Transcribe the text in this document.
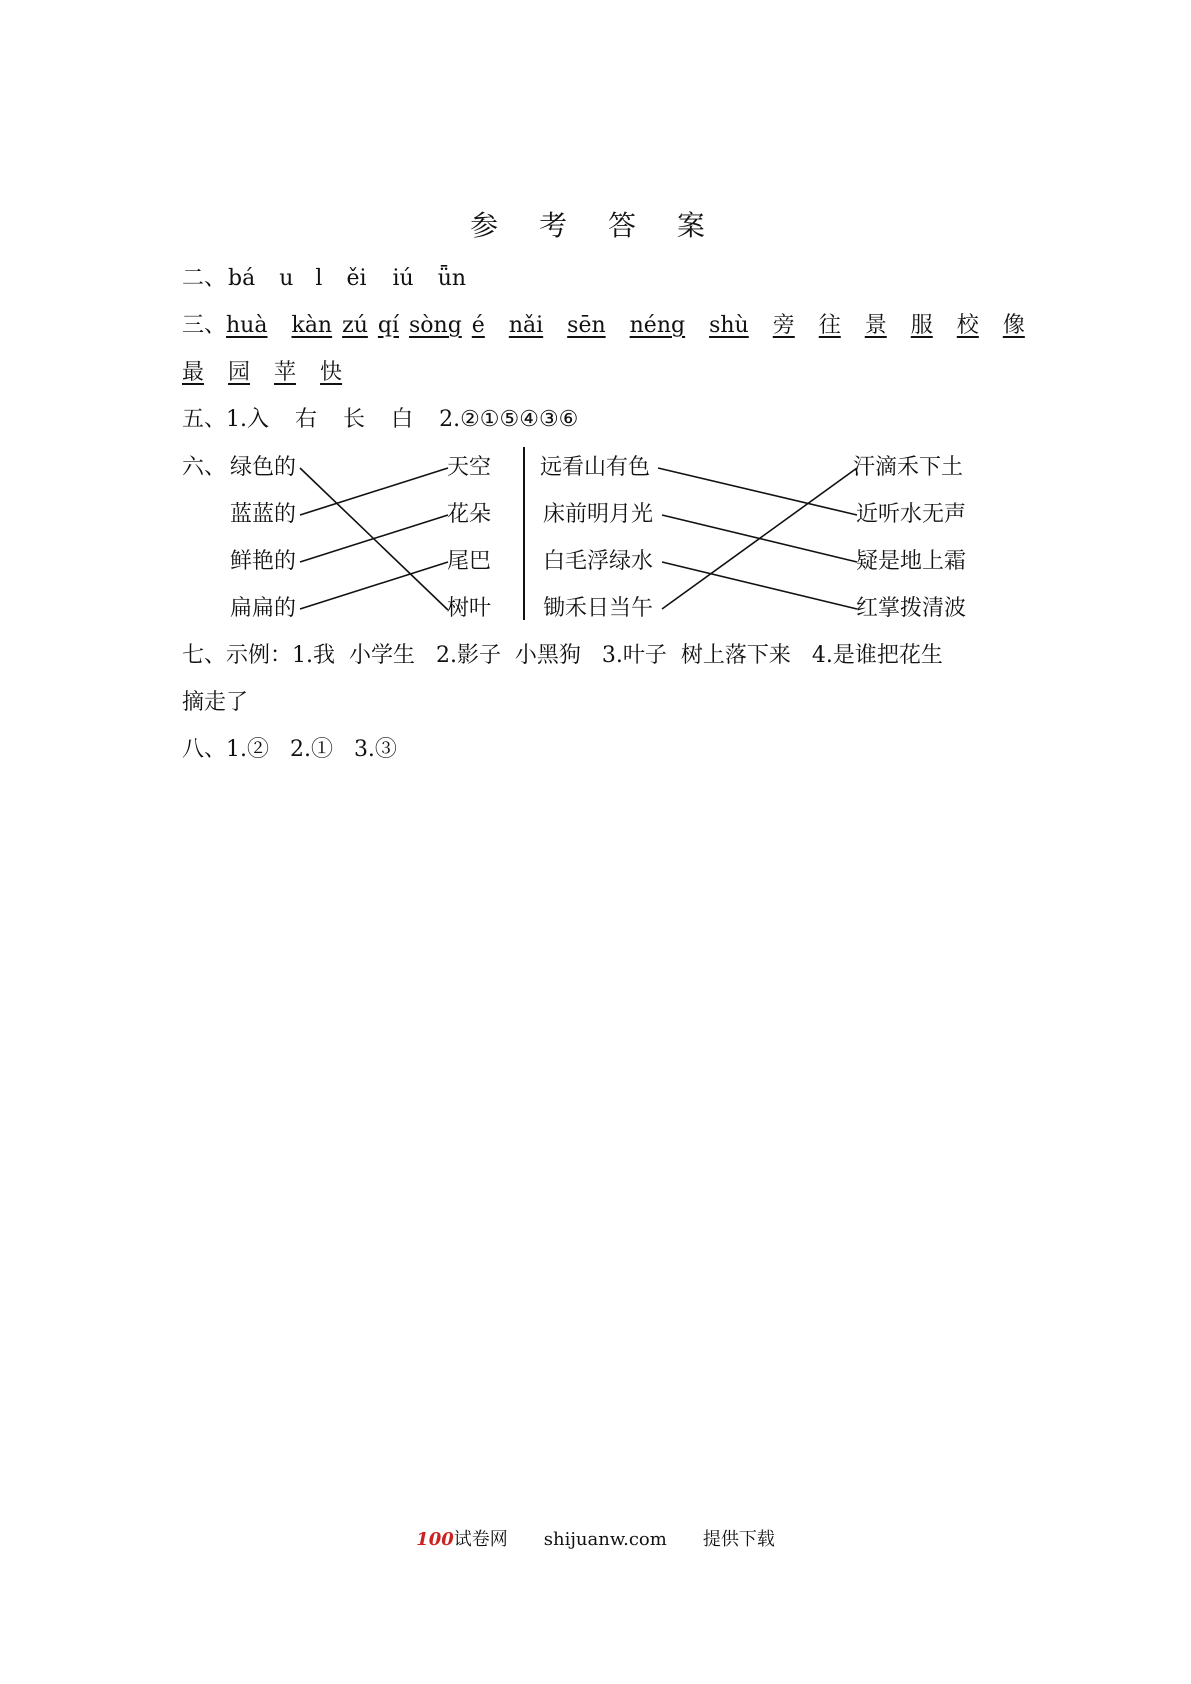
参 考 答 案
二、bá u l ěi iú ǖn
三、huà kàn zú qí sòng é nǎi sēn néng shù 旁 往 景 服 校 像
最 园 苹 快
五、1.入 右 长 白 2.②①⑤④③⑥
六、 绿色的
蓝蓝的
鲜艳的
扁扁的
天空
花朵
尾巴
树叶
远看山有色
床前明月光
白毛浮绿水
锄禾日当午
汗滴禾下土
近听水无声
疑是地上霜
红掌拨清波
七、示例：1.我  小学生   2.影子  小黑狗   3.叶子  树上落下来   4.是谁把花生
摘走了
八、1.②   2.①   3.③
100试卷网 shijuanw.com 提供下载
